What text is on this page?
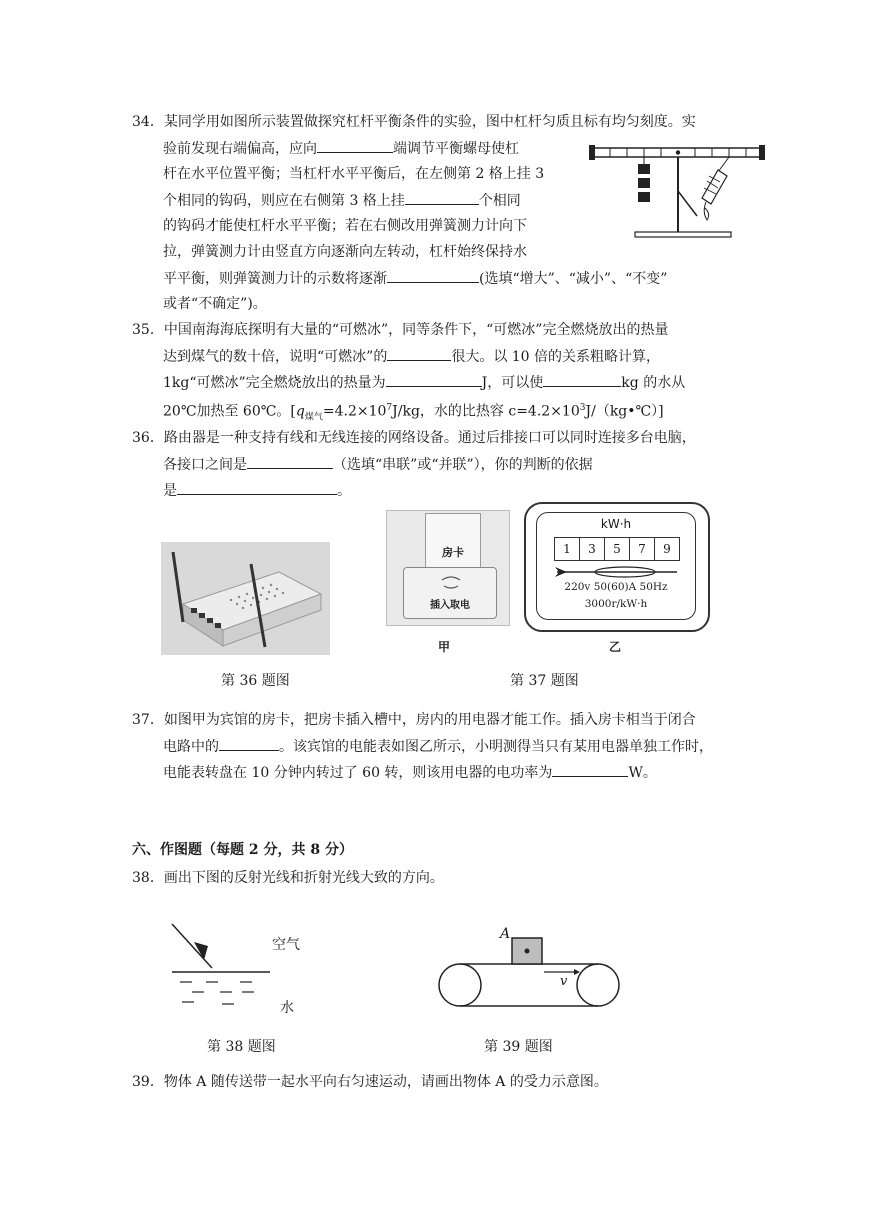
34．某同学用如图所示装置做探究杠杆平衡条件的实验，图中杠杆匀质且标有均匀刻度。实
验前发现右端偏高，应向	端调节平衡螺母使杠
杆在水平位置平衡；当杠杆水平平衡后，在左侧第 2 格上挂 3
个相同的钩码，则应在右侧第 3 格上挂	个相同
的钩码才能使杠杆水平平衡；若在右侧改用弹簧测力计向下
拉，弹簧测力计由竖直方向逐渐向左转动，杠杆始终保持水
平平衡，则弹簧测力计的示数将逐渐	(选填“增大”、“减小”、“不变”
或者“不确定”)。
35．中国南海海底探明有大量的“可燃冰”，同等条件下，“可燃冰”完全燃烧放出的热量
达到煤气的数十倍，说明“可燃冰”的	很大。以 10 倍的关系粗略计算，
1kg“可燃冰”完全燃烧放出的热量为	J，可以使	kg 的水从
20℃加热至 60℃。[$q_{煤气}=4.2\times 10^7J/kg$，水的比热容 $c=4.2\times 10^3J/(kg•℃)$]
36．路由器是一种支持有线和无线连接的网络设备。通过后排接口可以同时连接多台电脑，
各接口之间是	（选填“串联”或“并联”），你的判断的依据
是	。
房卡
插入取电
kW·h
1	3	5	7	9
220v 50(60)A 50Hz
3000r/kW·h
甲	乙
第 36 题图	第 37 题图
37．如图甲为宾馆的房卡，把房卡插入槽中，房内的用电器才能工作。插入房卡相当于闭合
电路中的	。该宾馆的电能表如图乙所示，小明测得当只有某用电器单独工作时，
电能表转盘在 10 分钟内转过了 60 转，则该用电器的电功率为	W。
六、作图题（每题 2 分，共 8 分）
38．画出下图的反射光线和折射光线大致的方向。
空气
水
A
v
第 38 题图	第 39 题图
39．物体 A 随传送带一起水平向右匀速运动，请画出物体 A 的受力示意图。
